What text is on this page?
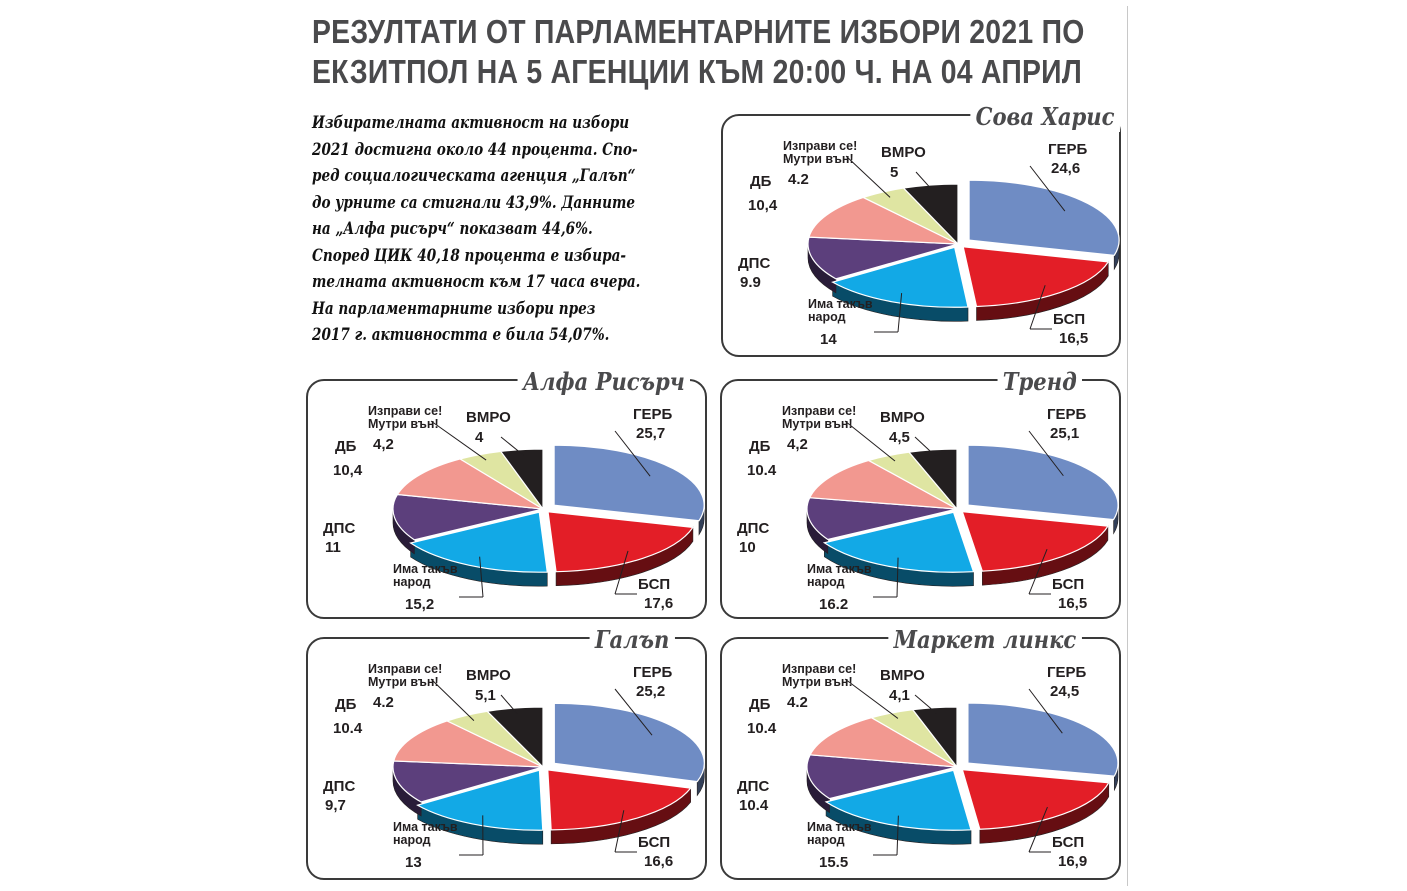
РЕЗУЛТАТИ ОТ ПАРЛАМЕНТАРНИТЕ ИЗБОРИ 2021 ПО
ЕКЗИТПОЛ НА 5 АГЕНЦИИ КЪМ 20:00 Ч. НА 04 АПРИЛ

Избирателната активност на избори
2021 достигна около 44 процента. Спо-
ред социалогическата агенция „Галъп“
до урните са стигнали 43,9%. Данните
на „Алфа рисърч“ показват 44,6%.
Според ЦИК 40,18 процента е избира-
телната активност към 17 часа вчера.
На парламентарните избори през
2017 г. активността е била 54,07%.

ГЕРБ
24,6
БСП
16,5
Има такъв
народ
14
ДПС
9.9
ДБ
10,4
Изправи се!
Мутри вън!
4.2
ВМРО
5
Сова Харис
ГЕРБ
25,7
БСП
17,6
Има такъв
народ
15,2
ДПС
11
ДБ
10,4
Изправи се!
Мутри вън!
4,2
ВМРО
4
Алфа Рисърч
ГЕРБ
25,1
БСП
16,5
Има такъв
народ
16.2
ДПС
10
ДБ
10.4
Изправи се!
Мутри вън!
4,2
ВМРО
4,5
Тренд
ГЕРБ
25,2
БСП
16,6
Има такъв
народ
13
ДПС
9,7
ДБ
10.4
Изправи се!
Мутри вън!
4.2
ВМРО
5,1
Галъп
ГЕРБ
24,5
БСП
16,9
Има такъв
народ
15.5
ДПС
10.4
ДБ
10.4
Изправи се!
Мутри вън!
4.2
ВМРО
4,1
Маркет линкс
